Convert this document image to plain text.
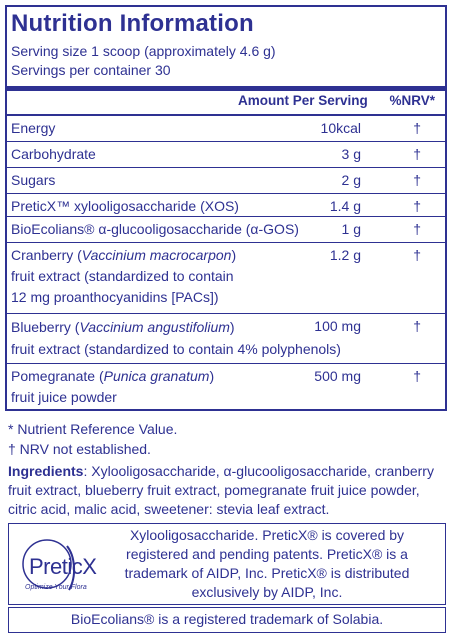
Nutrition Information
Serving size 1 scoop (approximately 4.6 g)
Servings per container 30
Amount Per Serving %NRV*
Energy	10kcal	†
Carbohydrate	3 g	†
Sugars	2 g	†
PreticX™ xylooligosaccharide (XOS)	1.4 g	†
BioEcolians® α-glucooligosaccharide (α-GOS)	1 g	†
Cranberry (Vaccinium macrocarpon)
fruit extract (standardized to contain
12 mg proanthocyanidins [PACs])
1.2 g	†
Blueberry (Vaccinium angustifolium)
fruit extract (standardized to contain 4% polyphenols)
100 mg	†
Pomegranate (Punica granatum)
fruit juice powder
500 mg	†
* Nutrient Reference Value.
† NRV not established.
Ingredients: Xylooligosaccharide, α-glucooligosaccharide, cranberry fruit extract, blueberry fruit extract, pomegranate fruit juice powder, citric acid, malic acid, sweetener: stevia leaf extract.
PreticX
Optimize Your Flora
Xylooligosaccharide. PreticX® is covered by registered and pending patents. PreticX® is a trademark of AIDP, Inc. PreticX® is distributed exclusively by AIDP, Inc.
BioEcolians® is a registered trademark of Solabia.
